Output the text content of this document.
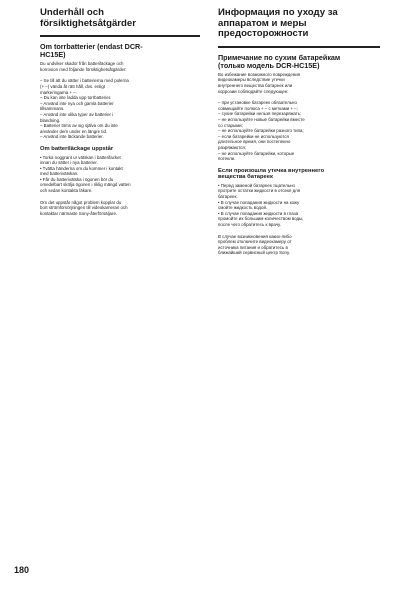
Underhåll och
försiktighetsåtgärder
Om torrbatterier (endast DCR-
HC15E)
Du undviker skador från batteriläckage och
korrosion med följande försiktighetsåtgärder:
– Se till att du sätter i batterierna med polerna
(+ –) vända åt rätt håll, dvs. enligt
markeringarna + –.
– Du kan inte ladda upp torrbatterier.
– Använd inte nya och gamla batterier
tillsammans.
– Använd inte olika typer av batterier i
blandning.
– Batterier töms av sig själva om du inte
använder dem under en längre tid.
– Använd inte läckande batterier.
Om batteriläckage uppstår
• Torka noggrant ur vätskan i batterifacket
innan du sätter i nya batterier.
• Tvätta händerna om du kommer i kontakt
med batterivätskan.
• Får du batterivätska i ögonen bör du
omedelbart skölja ögonen i riklig mängd vatten
och sedan kontakta läkare.
Om det uppstår något problem kopplar du
bort strömförsörjningen till videokameran och
kontaktar närmaste Sony-återförsäljare.
Информация по уходу за
аппаратом и меры
предосторожности
Примечание по сухим батарейкам
(только модель DCR-HC15E)
Во избежание возможного повреждения
видеокамеры вследствие утечки
внутреннего вещества батареек или
коррозии соблюдайте следующее:
– при установке батареек обязательно
совмещайте полюса + – с метками + –;
– сухие батарейки нельзя перезаряжать;
– не используйте новые батарейки вместе
со старыми;
– не используйте батарейки разного типа;
– если батарейки не используются
длительное время, они постепенно
разряжаются;
– не используйте батарейки, которые
потекли.
Если произошла утечка внутреннего
вещества батареек
• Перед заменой батареек тщательно
протрите остатки жидкости в отсеке для
батареек.
• В случае попадания жидкости на кожу
смойте жидкость водой.
• В случае попадания жидкости в глаза
промойте их большим количеством воды,
после чего обратитесь к врачу.
В случае возникновения каких-либо
проблем отключите видеокамеру от
источника питания и обратитесь в
ближайший сервисный центр Sony.
180
